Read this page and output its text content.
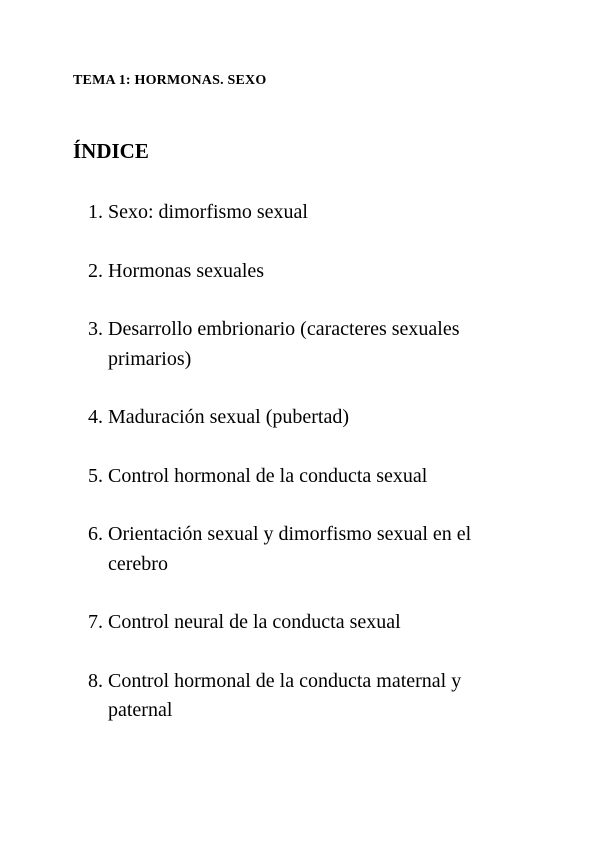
TEMA 1: HORMONAS. SEXO

ÍNDICE
1. Sexo: dimorfismo sexual
2. Hormonas sexuales
3. Desarrollo embrionario (caracteres sexuales primarios)
4. Maduración sexual (pubertad)
5. Control hormonal de la conducta sexual
6. Orientación sexual y dimorfismo sexual en el cerebro
7. Control neural de la conducta sexual
8. Control hormonal de la conducta maternal y paternal
